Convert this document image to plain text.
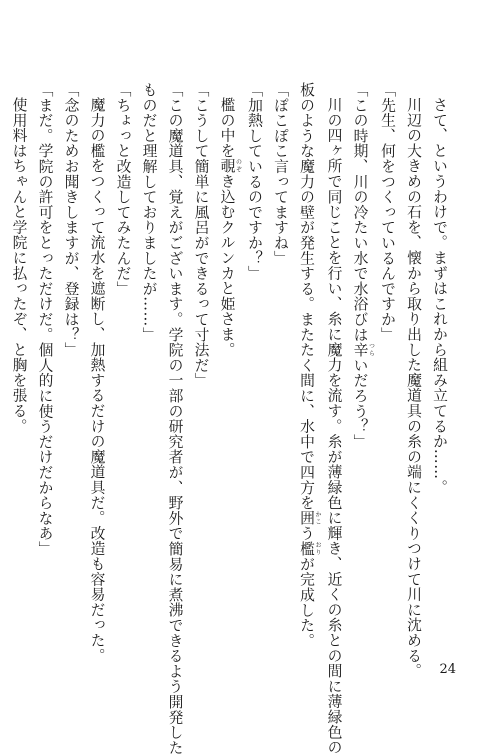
さて、というわけで。まずはこれから組み立てるか……。

川辺の大きめの石を、懐から取り出した魔道具の糸の端にくくりつけて川に沈める。

「先生、何をつくっているんですか」

「この時期、川の冷たい水で水浴びは辛 つらいだろう？」

川の四ヶ所で同じことを行い、糸に魔力を流す。糸が薄緑色に輝き、近くの糸との間に薄緑色の

板のような魔力の壁が発生する。またたく間に、水中で四方を囲 かこう檻 おりが完成した。

「ぽこぽこ言ってますね」

「加熱しているのですか？」

檻の中を覗 のぞき込むクルンカと姫さま。

「こうして簡単に風呂ができるって寸法だ」

「この魔道具、覚えがございます。学院の一部の研究者が、野外で簡易に煮沸できるよう開発した

ものだと理解しておりましたが……」

「ちょっと改造してみたんだ」

魔力の檻をつくって流水を遮断し、加熱するだけの魔道具だ。改造も容易だった。

「念のためお聞きしますが、登録は？」

「まだ。学院の許可をとっただけだ。個人的に使うだけだからなあ」

使用料はちゃんと学院に払ったぞ、と胸を張る。

24
